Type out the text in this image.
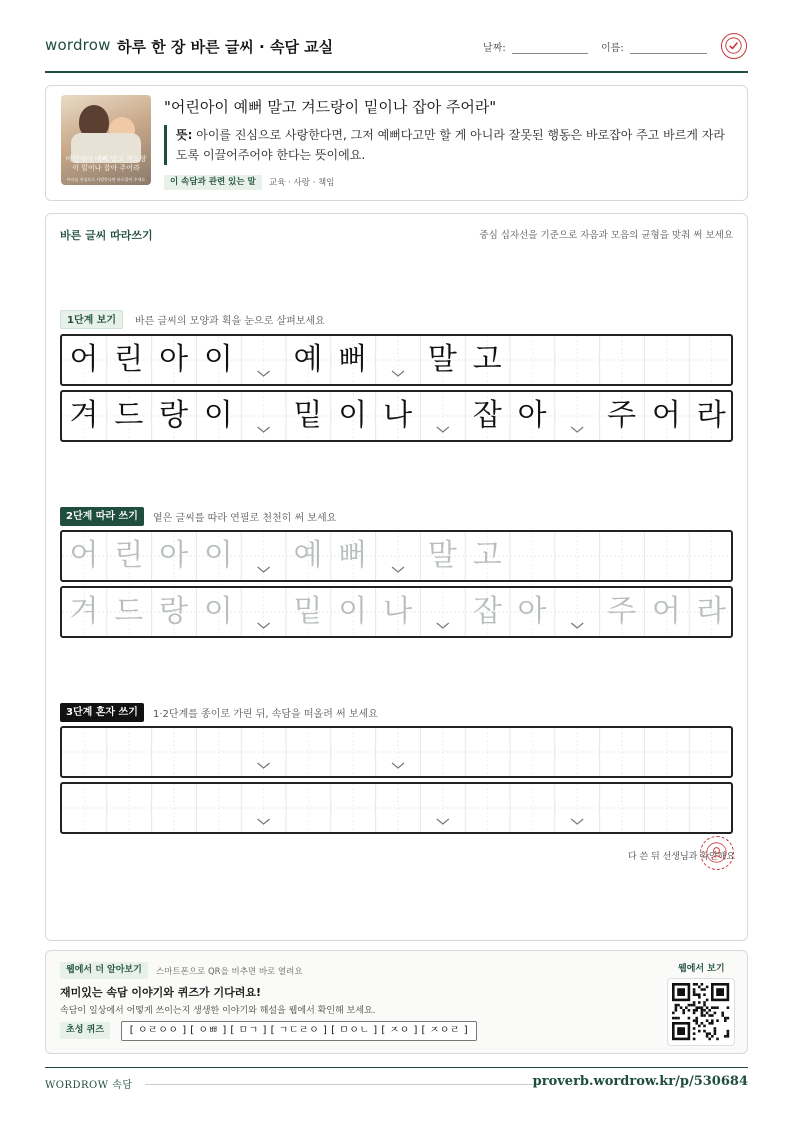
wordrow 하루 한 장 바른 글씨 · 속담 교실	날짜:	이름:
어린아이 예뻐 말고 겨드랑이 밑이나 잡아 주어라
아이를 진심으로 사랑한다면 바로잡아 주세요
"어린아이 예뻐 말고 겨드랑이 밑이나 잡아 주어라"
뜻: 아이를 진심으로 사랑한다면, 그저 예뻐다고만 할 게 아니라 잘못된 행동은 바로잡아 주고 바르게 자라도록 이끌어주어야 한다는 뜻이에요.
이 속담과 관련 있는 말	교육 · 사랑 · 책임
바른 글씨 따라쓰기	중심 십자선을 기준으로 자음과 모음의 균형을 맞춰 써 보세요
1단계 보기	바른 글씨의 모양과 획을 눈으로 살펴보세요
어 린 아 이 예 뻐 말 고
겨 드 랑 이 밑 이 나 잡 아 주 어 라
2단계 따라 쓰기	옅은 글씨를 따라 연필로 천천히 써 보세요
어 린 아 이 예 뻐 말 고
겨 드 랑 이 밑 이 나 잡 아 주 어 라
3단계 혼자 쓰기	1·2단계를 종이로 가린 뒤, 속담을 떠올려 써 보세요
다 쓴 뒤 선생님과 확인해요
웹에서 더 알아보기	스마트폰으로 QR을 비추면 바로 열려요
재미있는 속담 이야기와 퀴즈가 기다려요!
속담이 일상에서 어떻게 쓰이는지 생생한 이야기와 해설을 웹에서 확인해 보세요.
초성 퀴즈	[ ㅇㄹㅇㅇ ] [ ㅇㅃ ] [ ㅁㄱ ] [ ㄱㄷㄹㅇ ] [ ㅁㅇㄴ ] [ ㅈㅇ ] [ ㅈㅇㄹ ]
웹에서 보기
WORDROW 속담	proverb.wordrow.kr/p/530684
